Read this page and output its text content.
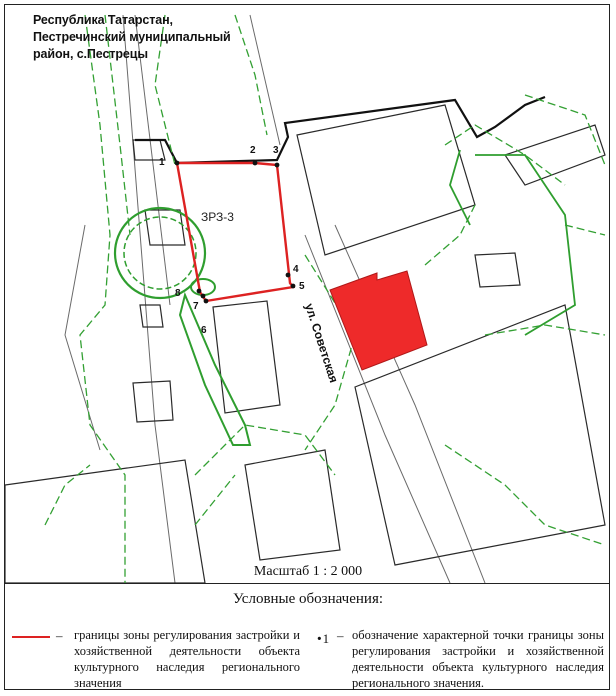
1
2 3
4
5
6
7
8
ЗРЗ-3
ул. Советская
Республика Татарстан,
Пестречинский муниципальный
район, с.Пестрецы
Масштаб 1 : 2 000
Условные обозначения:
– границы зоны регулирования застройки и хозяйственной деятельности объекта культурного наследия регионального значения
·1 – обозначение характерной точки границы зоны регулирования застройки и хозяйственной деятельности объекта культурного наследия регионального значения.
